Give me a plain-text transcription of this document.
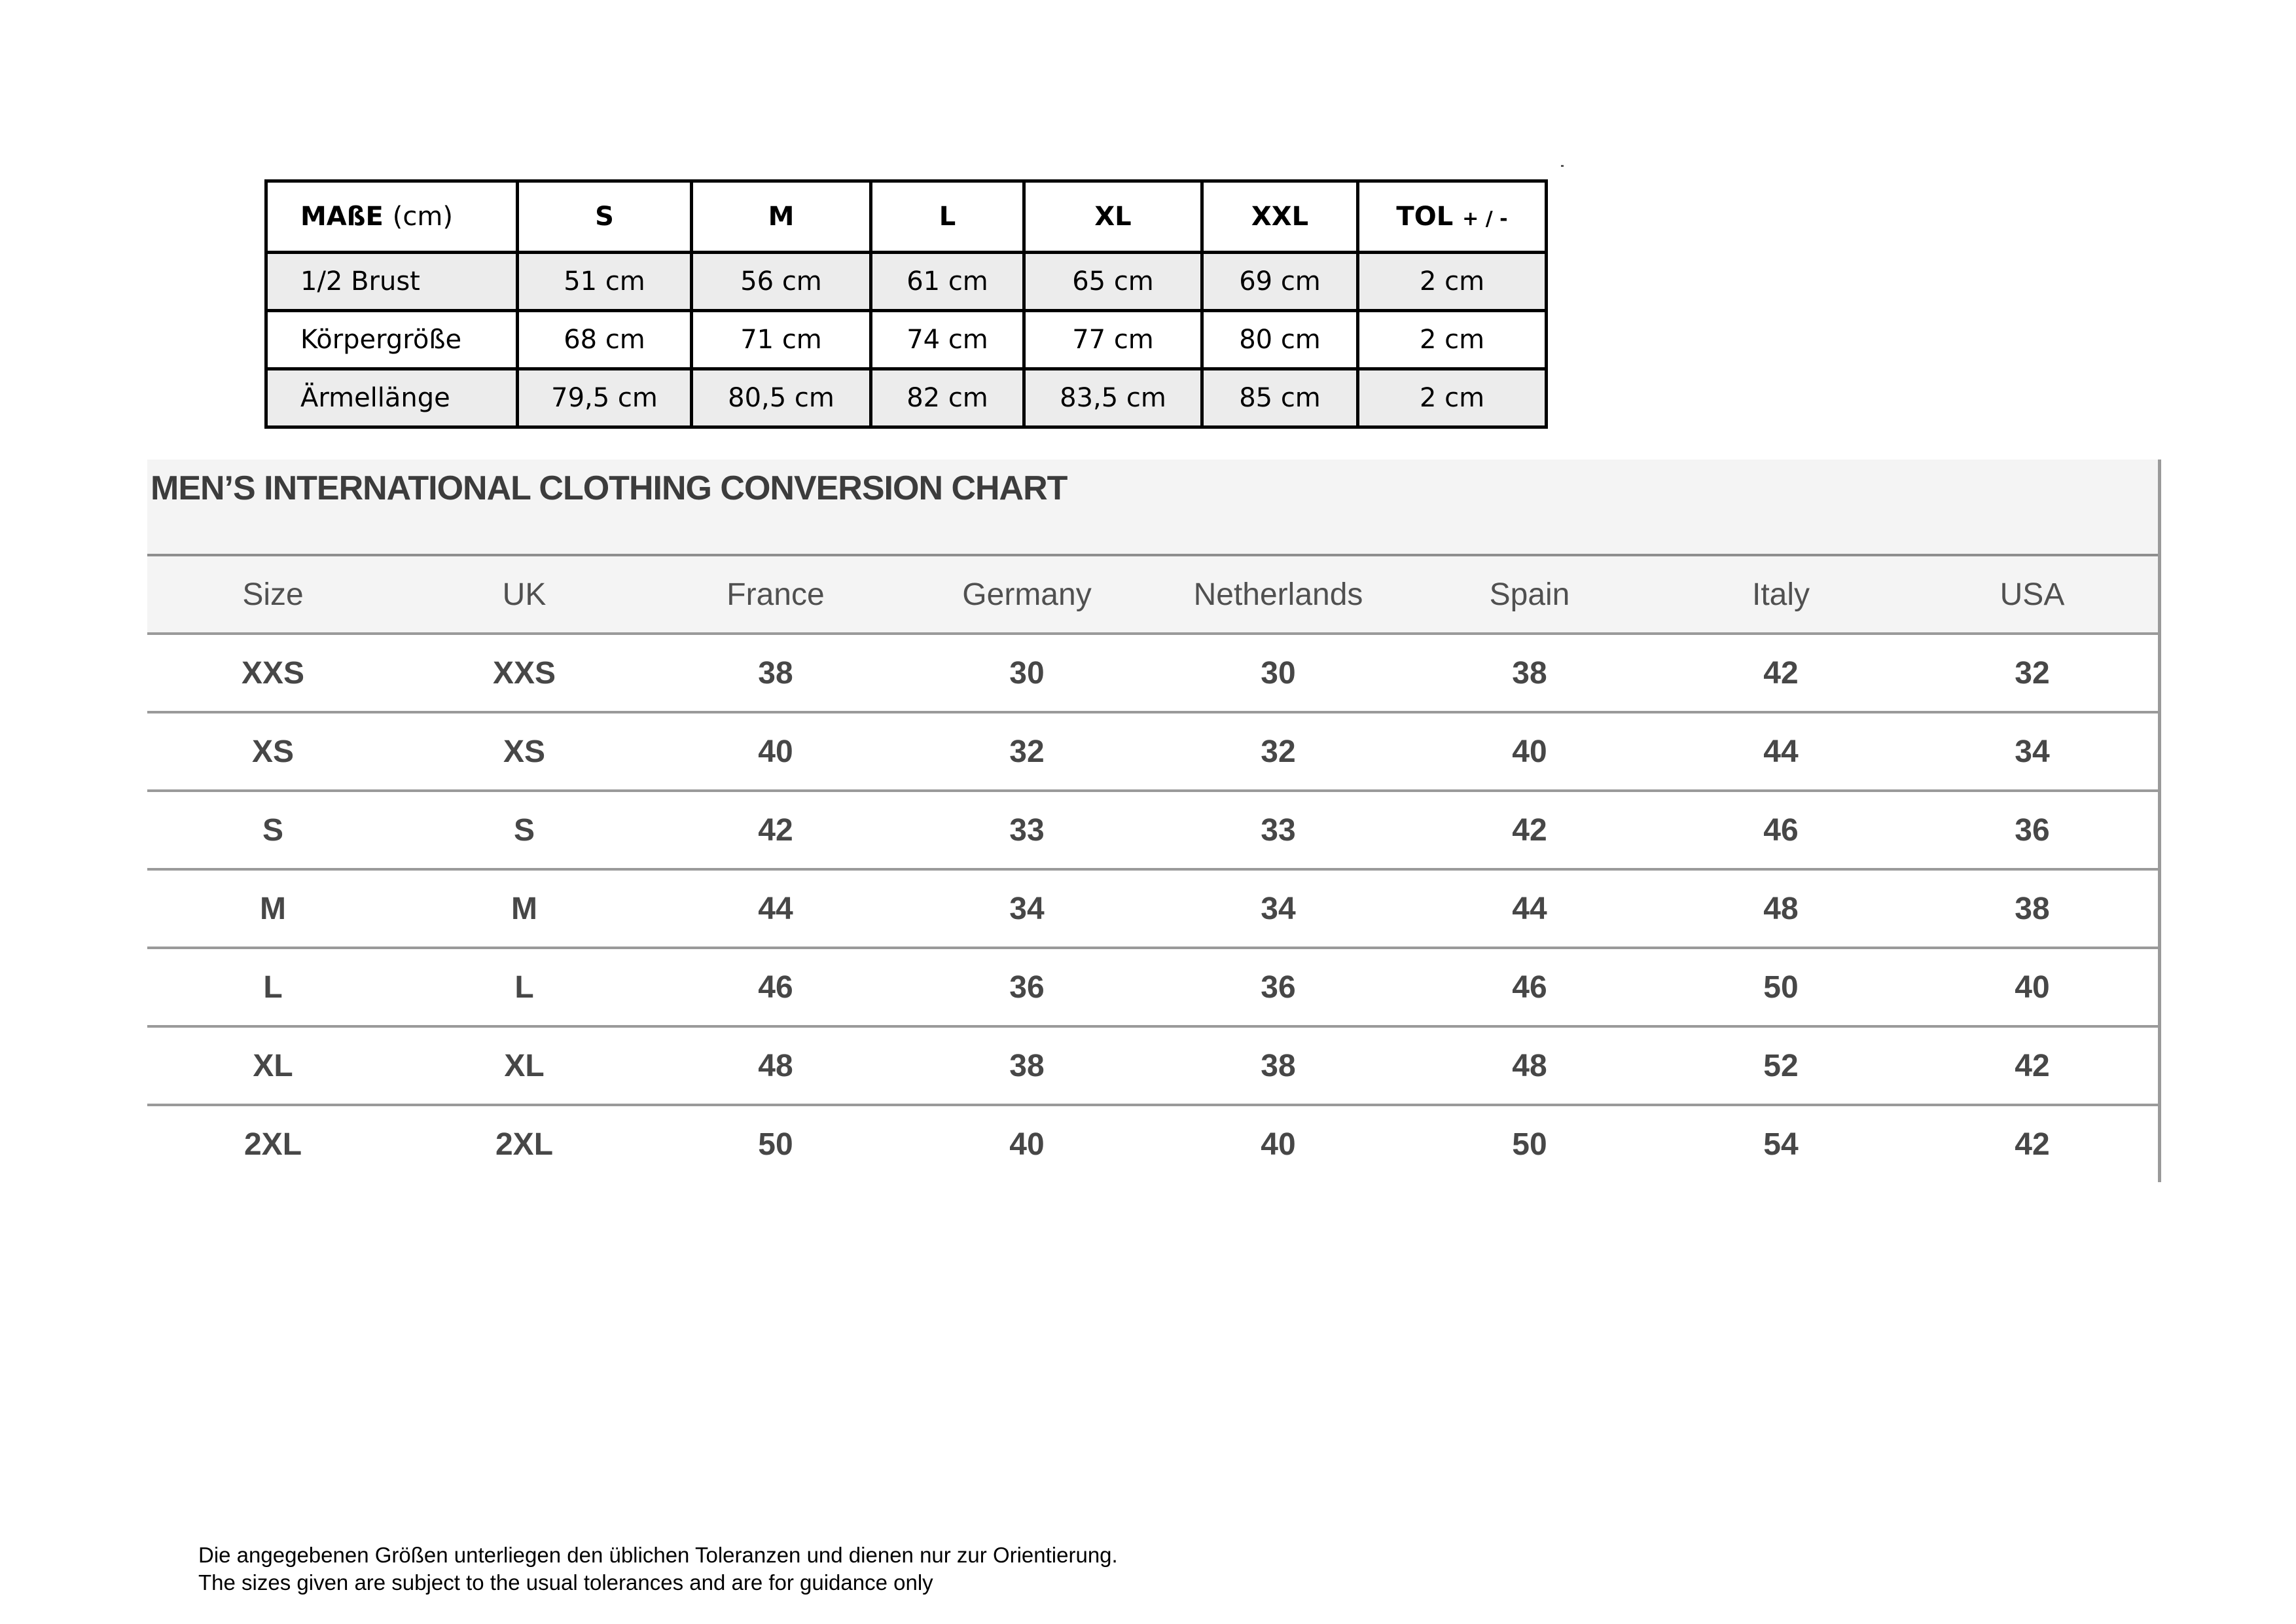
MAßE (cm)	S	M	L	XL	XXL	TOL + / -
1/2 Brust	51 cm	56 cm	61 cm	65 cm	69 cm	2 cm
Körpergröße	68 cm	71 cm	74 cm	77 cm	80 cm	2 cm
Ärmellänge	79,5 cm	80,5 cm	82 cm	83,5 cm	85 cm	2 cm
MEN’S INTERNATIONAL CLOTHING CONVERSION CHART
Size	UK	France	Germany	Netherlands	Spain	Italy	USA
XXS	XXS	38	30	30	38	42	32
XS	XS	40	32	32	40	44	34
S	S	42	33	33	42	46	36
M	M	44	34	34	44	48	38
L	L	46	36	36	46	50	40
XL	XL	48	38	38	48	52	42
2XL	2XL	50	40	40	50	54	42
Die angegebenen Größen unterliegen den üblichen Toleranzen und dienen nur zur Orientierung.
The sizes given are subject to the usual tolerances and are for guidance only
